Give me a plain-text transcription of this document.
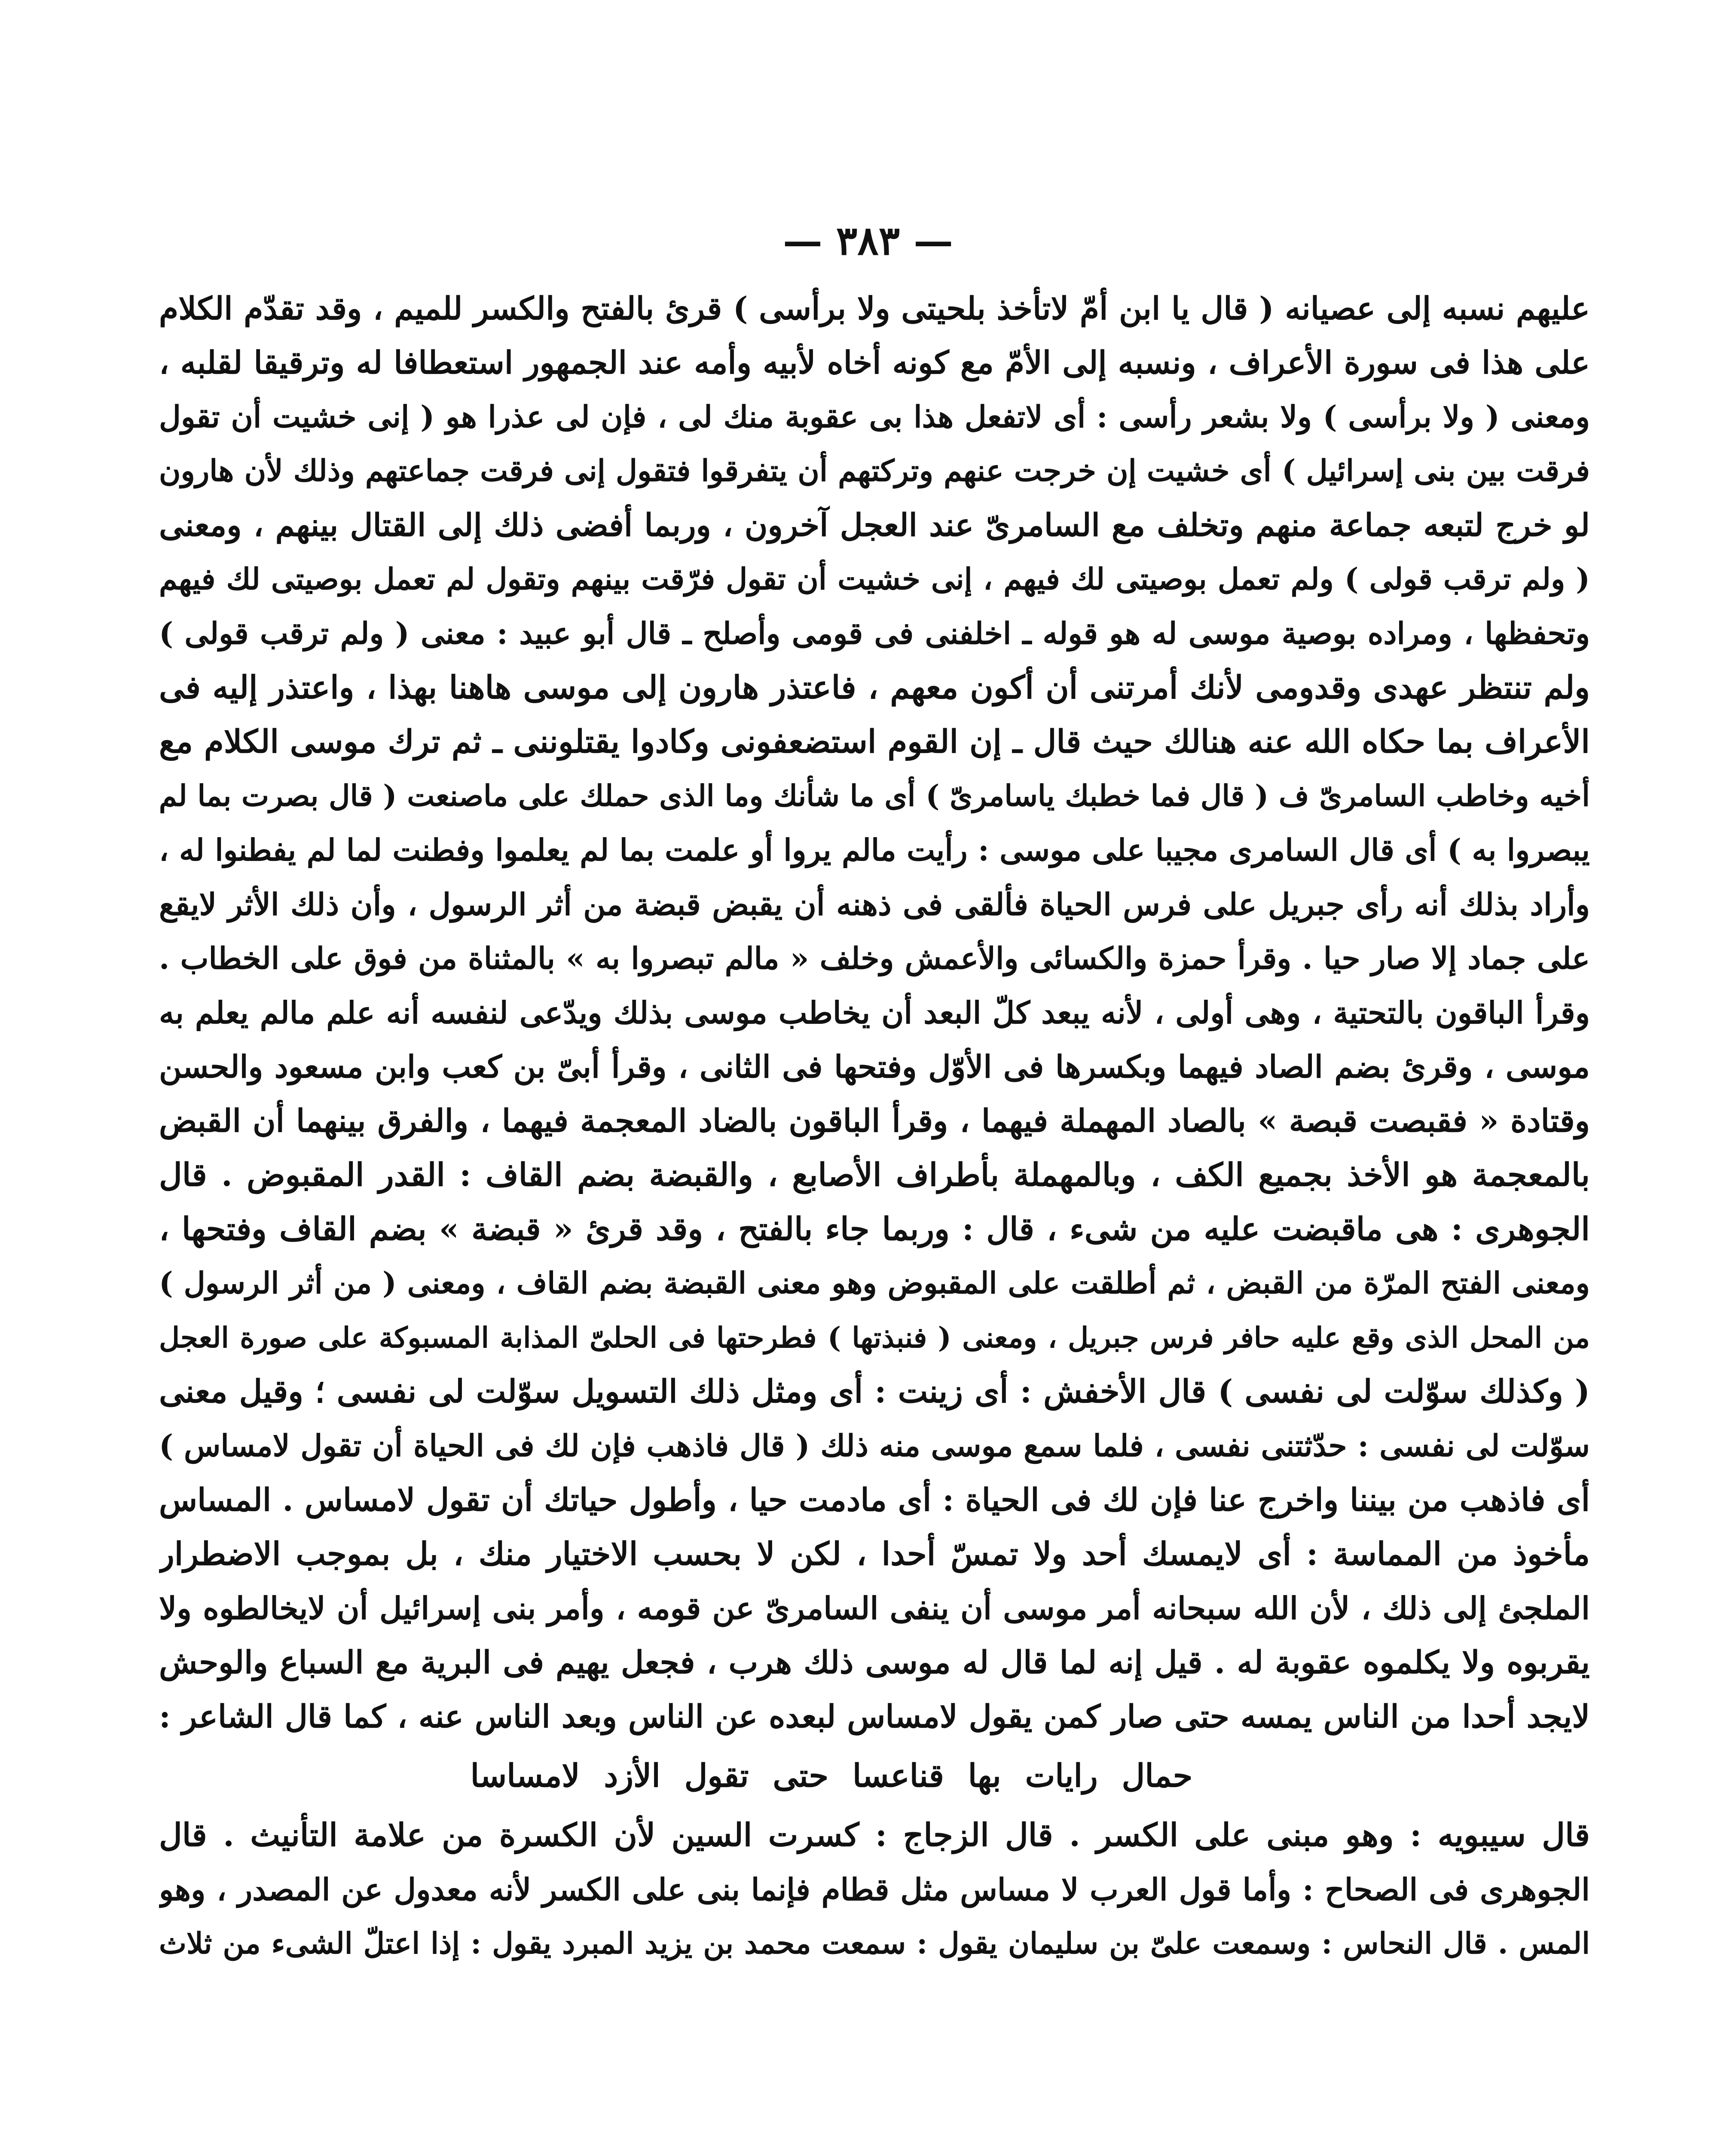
— ٣٨٣ —
عليهم نسبه إلى عصيانه ( قال يا ابن أمّ لاتأخذ بلحيتى ولا برأسى ) قرئ بالفتح والكسر للميم ، وقد تقدّم الكلام
على هذا فى سورة الأعراف ، ونسبه إلى الأمّ مع كونه أخاه لأبيه وأمه عند الجمهور استعطافا له وترقيقا لقلبه ،
ومعنى ( ولا برأسى ) ولا بشعر رأسى : أى لاتفعل هذا بى عقوبة منك لى ، فإن لى عذرا هو ( إنى خشيت أن تقول
فرقت بين بنى إسرائيل ) أى خشيت إن خرجت عنهم وتركتهم أن يتفرقوا فتقول إنى فرقت جماعتهم وذلك لأن هارون
لو خرج لتبعه جماعة منهم وتخلف مع السامرىّ عند العجل آخرون ، وربما أفضى ذلك إلى القتال بينهم ، ومعنى
( ولم ترقب قولى ) ولم تعمل بوصيتى لك فيهم ، إنى خشيت أن تقول فرّقت بينهم وتقول لم تعمل بوصيتى لك فيهم
وتحفظها ، ومراده بوصية موسى له هو قوله ـ اخلفنى فى قومى وأصلح ـ قال أبو عبيد : معنى ( ولم ترقب قولى )
ولم تنتظر عهدى وقدومى لأنك أمرتنى أن أكون معهم ، فاعتذر هارون إلى موسى هاهنا بهذا ، واعتذر إليه فى
الأعراف بما حكاه الله عنه هنالك حيث قال ـ إن القوم استضعفونى وكادوا يقتلوننى ـ ثم ترك موسى الكلام مع
أخيه وخاطب السامرىّ ف ( قال فما خطبك ياسامرىّ ) أى ما شأنك وما الذى حملك على ماصنعت ( قال بصرت بما لم
يبصروا به ) أى قال السامرى مجيبا على موسى : رأيت مالم يروا أو علمت بما لم يعلموا وفطنت لما لم يفطنوا له ،
وأراد بذلك أنه رأى جبريل على فرس الحياة فألقى فى ذهنه أن يقبض قبضة من أثر الرسول ، وأن ذلك الأثر لايقع
على جماد إلا صار حيا . وقرأ حمزة والكسائى والأعمش وخلف « مالم تبصروا به » بالمثناة من فوق على الخطاب .
وقرأ الباقون بالتحتية ، وهى أولى ، لأنه يبعد كلّ البعد أن يخاطب موسى بذلك ويدّعى لنفسه أنه علم مالم يعلم به
موسى ، وقرئ بضم الصاد فيهما وبكسرها فى الأوّل وفتحها فى الثانى ، وقرأ أبىّ بن كعب وابن مسعود والحسن
وقتادة « فقبصت قبصة » بالصاد المهملة فيهما ، وقرأ الباقون بالضاد المعجمة فيهما ، والفرق بينهما أن القبض
بالمعجمة هو الأخذ بجميع الكف ، وبالمهملة بأطراف الأصابع ، والقبضة بضم القاف : القدر المقبوض . قال
الجوهرى : هى ماقبضت عليه من شىء ، قال : وربما جاء بالفتح ، وقد قرئ « قبضة » بضم القاف وفتحها ،
ومعنى الفتح المرّة من القبض ، ثم أطلقت على المقبوض وهو معنى القبضة بضم القاف ، ومعنى ( من أثر الرسول )
من المحل الذى وقع عليه حافر فرس جبريل ، ومعنى ( فنبذتها ) فطرحتها فى الحلىّ المذابة المسبوكة على صورة العجل
( وكذلك سوّلت لى نفسى ) قال الأخفش : أى زينت : أى ومثل ذلك التسويل سوّلت لى نفسى ؛ وقيل معنى
سوّلت لى نفسى : حدّثتنى نفسى ، فلما سمع موسى منه ذلك ( قال فاذهب فإن لك فى الحياة أن تقول لامساس )
أى فاذهب من بيننا واخرج عنا فإن لك فى الحياة : أى مادمت حيا ، وأطول حياتك أن تقول لامساس . المساس
مأخوذ من المماسة : أى لايمسك أحد ولا تمسّ أحدا ، لكن لا بحسب الاختيار منك ، بل بموجب الاضطرار
الملجئ إلى ذلك ، لأن الله سبحانه أمر موسى أن ينفى السامرىّ عن قومه ، وأمر بنى إسرائيل أن لايخالطوه ولا
يقربوه ولا يكلموه عقوبة له . قيل إنه لما قال له موسى ذلك هرب ، فجعل يهيم فى البرية مع السباع والوحش
لايجد أحدا من الناس يمسه حتى صار كمن يقول لامساس لبعده عن الناس وبعد الناس عنه ، كما قال الشاعر :
حمال رايات بها قناعسا حتى تقول الأزد لامساسا
قال سيبويه : وهو مبنى على الكسر . قال الزجاج : كسرت السين لأن الكسرة من علامة التأنيث . قال
الجوهرى فى الصحاح : وأما قول العرب لا مساس مثل قطام فإنما بنى على الكسر لأنه معدول عن المصدر ، وهو
المس . قال النحاس : وسمعت علىّ بن سليمان يقول : سمعت محمد بن يزيد المبرد يقول : إذا اعتلّ الشىء من ثلاث
